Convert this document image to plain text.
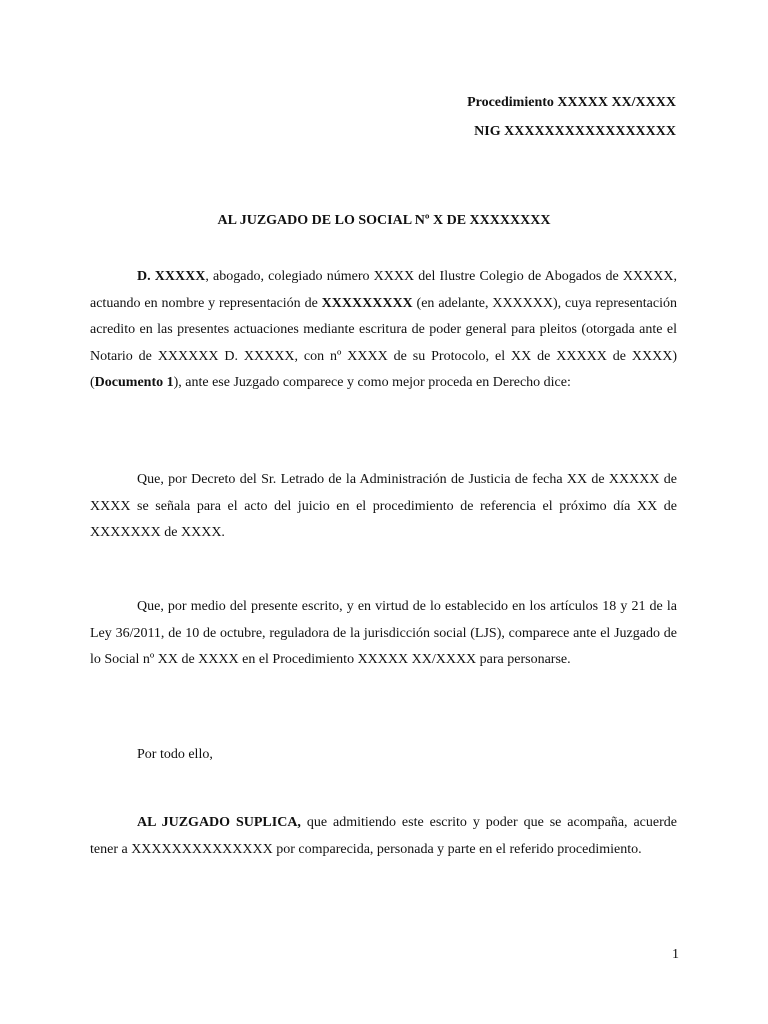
Procedimiento XXXXX XX/XXXX
NIG XXXXXXXXXXXXXXXXX
AL JUZGADO DE LO SOCIAL Nº X DE XXXXXXXX

D. XXXXX, abogado, colegiado número XXXX del Ilustre Colegio de Abogados de XXXXX, actuando en nombre y representación de XXXXXXXXX (en adelante, XXXXXX), cuya representación acredito en las presentes actuaciones mediante escritura de poder general para pleitos (otorgada ante el Notario de XXXXXX D. XXXXX, con nº XXXX de su Protocolo, el XX de XXXXX de XXXX) (Documento 1), ante ese Juzgado comparece y como mejor proceda en Derecho dice:

Que, por Decreto del Sr. Letrado de la Administración de Justicia de fecha XX de XXXXX de XXXX se señala para el acto del juicio en el procedimiento de referencia el próximo día XX de XXXXXXX de XXXX.

Que, por medio del presente escrito, y en virtud de lo establecido en los artículos 18 y 21 de la Ley 36/2011, de 10 de octubre, reguladora de la jurisdicción social (LJS), comparece ante el Juzgado de lo Social nº XX de XXXX en el Procedimiento XXXXX XX/XXXX para personarse.

Por todo ello,

AL JUZGADO SUPLICA, que admitiendo este escrito y poder que se acompaña, acuerde tener a XXXXXXXXXXXXXX por comparecida, personada y parte en el referido procedimiento.

1
